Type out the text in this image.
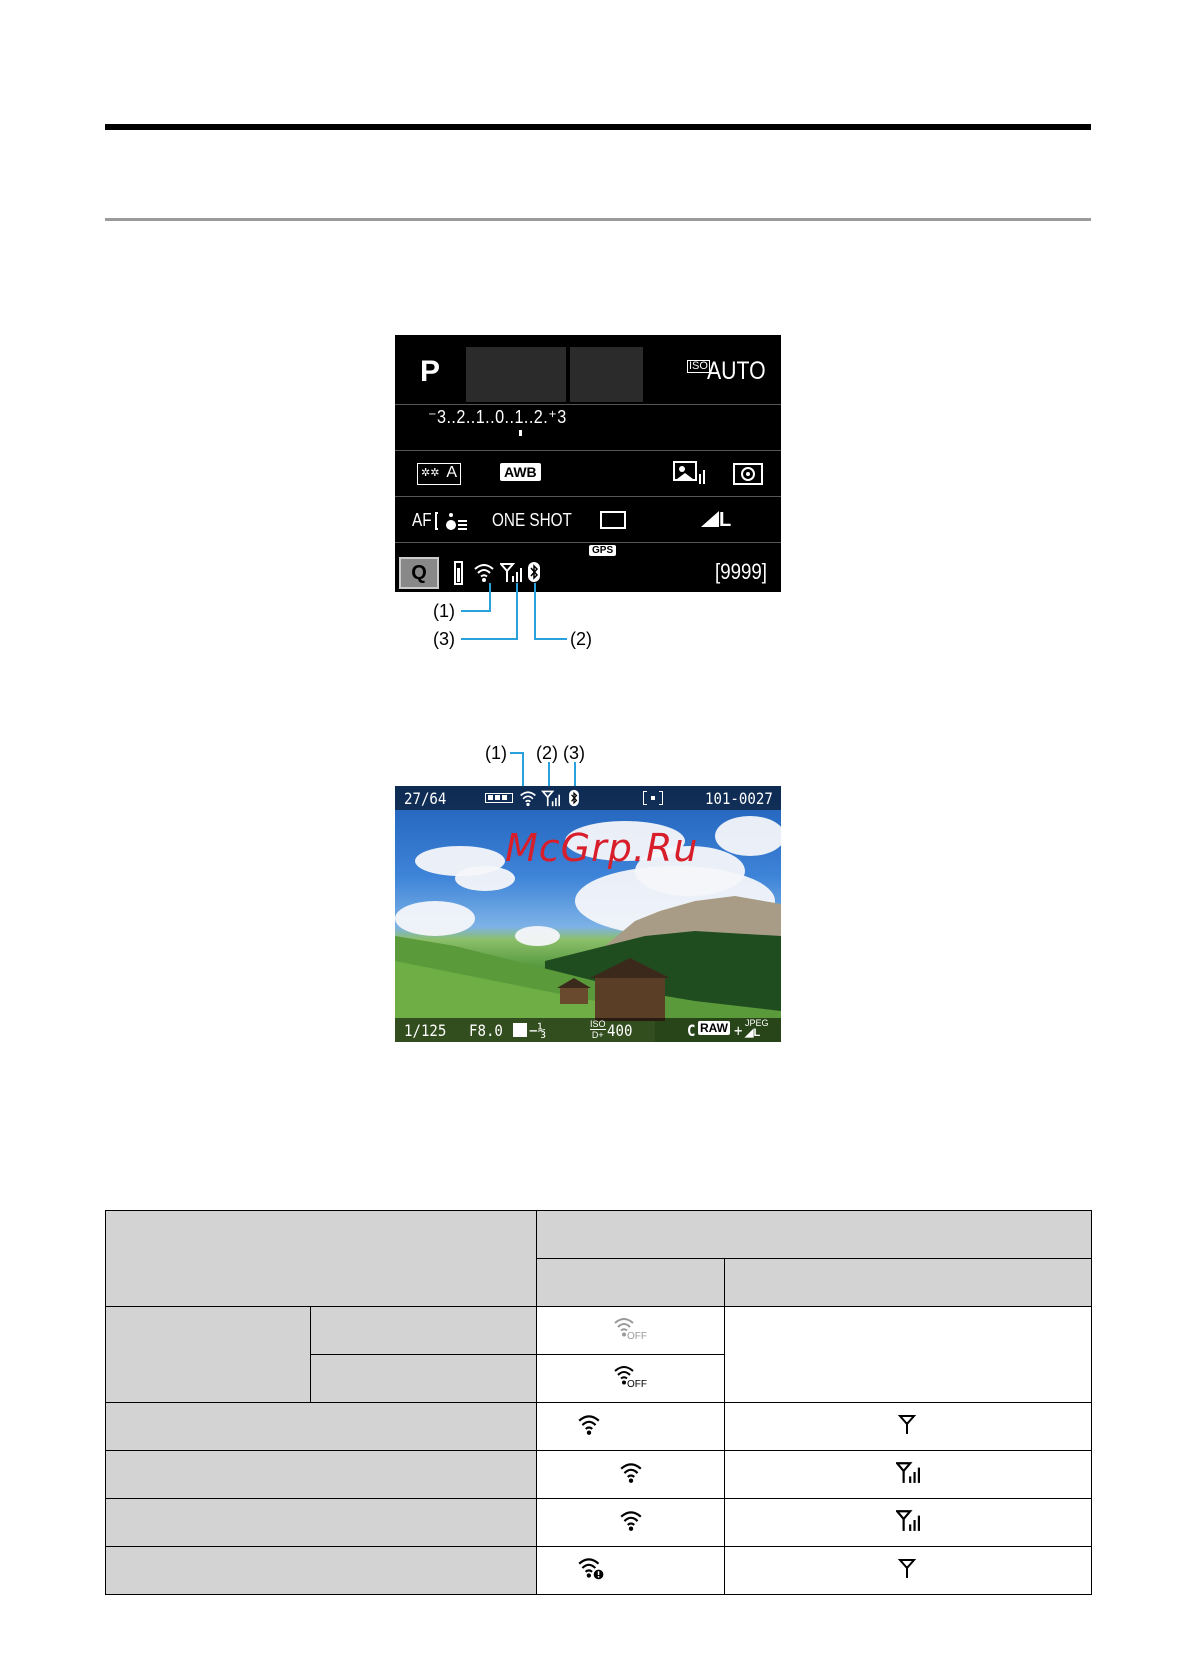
P	ISO AUTO
⁻3..2..1..0..1..2.⁺3
✲✲ A	AWB
AF	ONE SHOT	L
GPS
Q	[9999]
(1)
(3)	(2)
(1) (2) (3)
McGrp.Ru
27/64	101-0027
1/125 F8.0 −⅓	ISO
D+ 400	C RAW + JPEG
◢L

OFF	

OFF	
